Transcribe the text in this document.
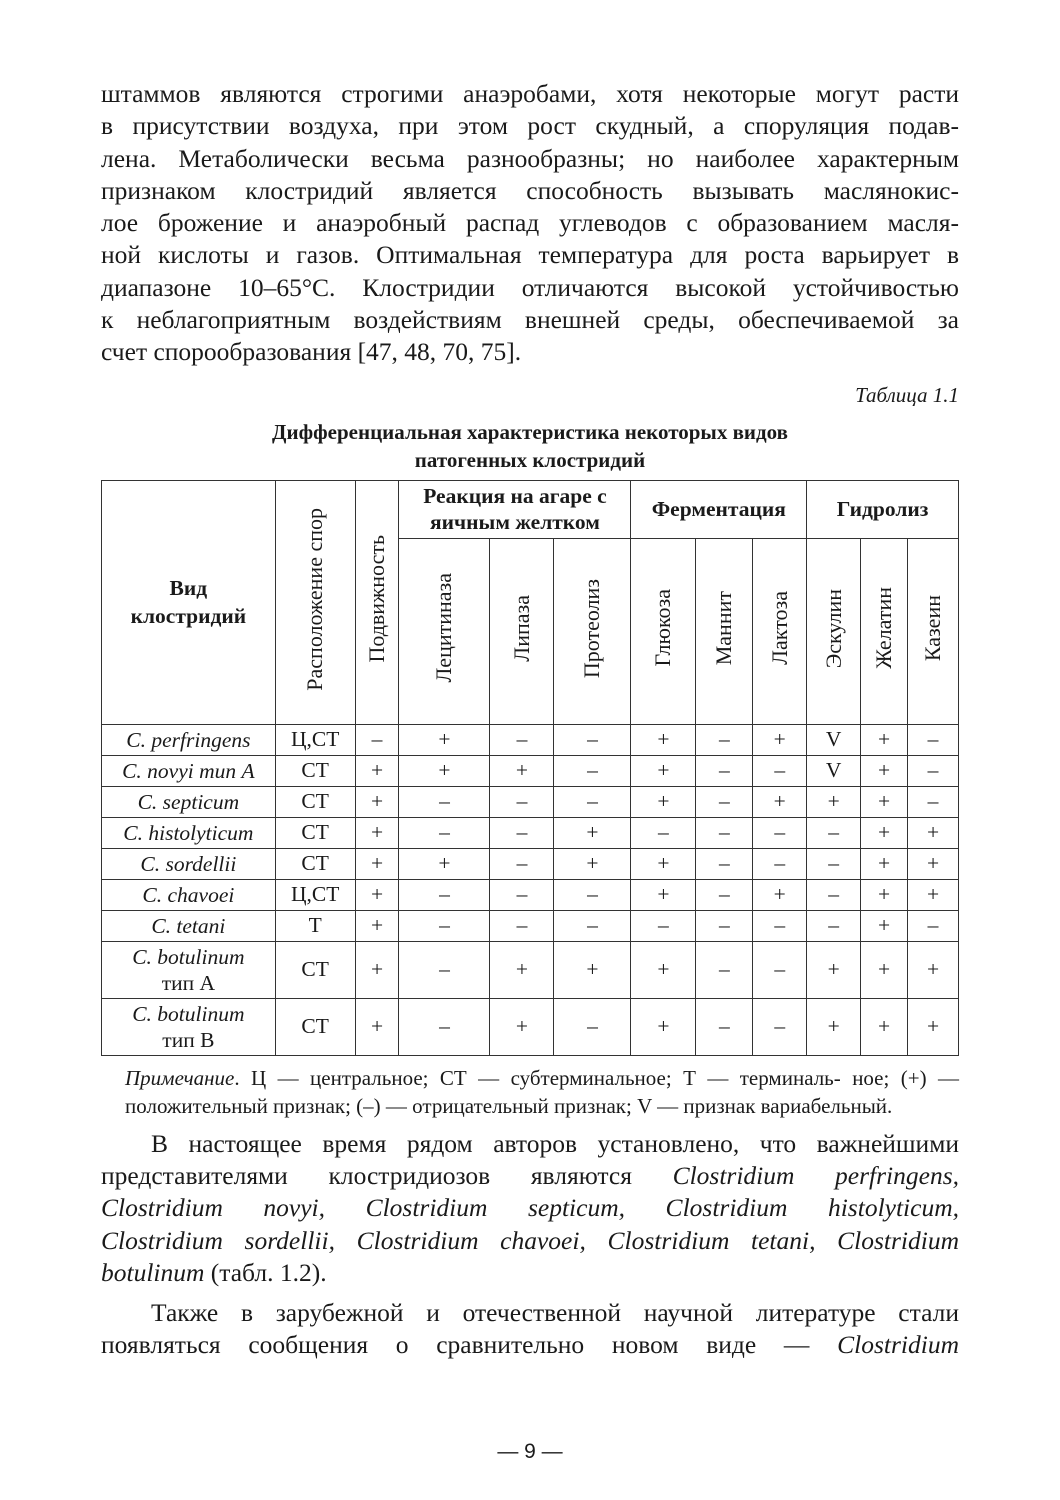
штаммов являются строгими анаэробами, хотя некоторые могут расти
в присутствии воздуха, при этом рост скудный, а споруляция подав-
лена. Метаболически весьма разнообразны; но наиболее характерным
признаком клостридий является способность вызывать маслянокис-
лое брожение и анаэробный распад углеводов с образованием масля-
ной кислоты и газов. Оптимальная температура для роста варьирует в
диапазоне 10–65°С. Клостридии отличаются высокой устойчивостью
к неблагоприятным воздействиям внешней среды, обеспечиваемой за
счет спорообразования [47, 48, 70, 75].

Таблица 1.1

Дифференциальная характеристика некоторых видов
патогенных клостридий

Вид клостридий	Расположение спор	Подвижность	Реакция на агаре с яичным желтком			Ферментация			Гидролиз		
			Лецитиназа	Липаза	Протеолиз	Глюкоза	Маннит	Лактоза	Эскулин	Желатин	Казеин
C. perfringens	Ц,СТ	–	+	–	–	+	–	+	V	+	–
C. novyi тип А	СТ	+	+	+	–	+	–	–	V	+	–
C. septicum	СТ	+	–	–	–	+	–	+	+	+	–
C. histolyticum	СТ	+	–	–	+	–	–	–	–	+	+
C. sordellii	СТ	+	+	–	+	+	–	–	–	+	+
C. chavoei	Ц,СТ	+	–	–	–	+	–	+	–	+	+
C. tetani	Т	+	–	–	–	–	–	–	–	+	–
C. botulinum
тип А	СТ	+	–	+	+	+	–	–	+	+	+
C. botulinum
тип В	СТ	+	–	+	–	+	–	–	+	+	+

Примечание. Ц — центральное; СТ — субтерминальное; Т — терминаль- ное; (+) — положительный признак; (–) — отрицательный признак; V — признак вариабельный.

В настоящее время рядом авторов установлено, что важнейшими
представителями клостридиозов являются Clostridium perfringens,
Clostridium novyi, Clostridium septicum, Clostridium histolyticum,
Clostridium sordellii, Clostridium chavoei, Clostridium tetani, Clostridium
botulinum (табл. 1.2).

Также в зарубежной и отечественной научной литературе стали
появляться сообщения о сравнительно новом виде — Clostridium

— 9 —
